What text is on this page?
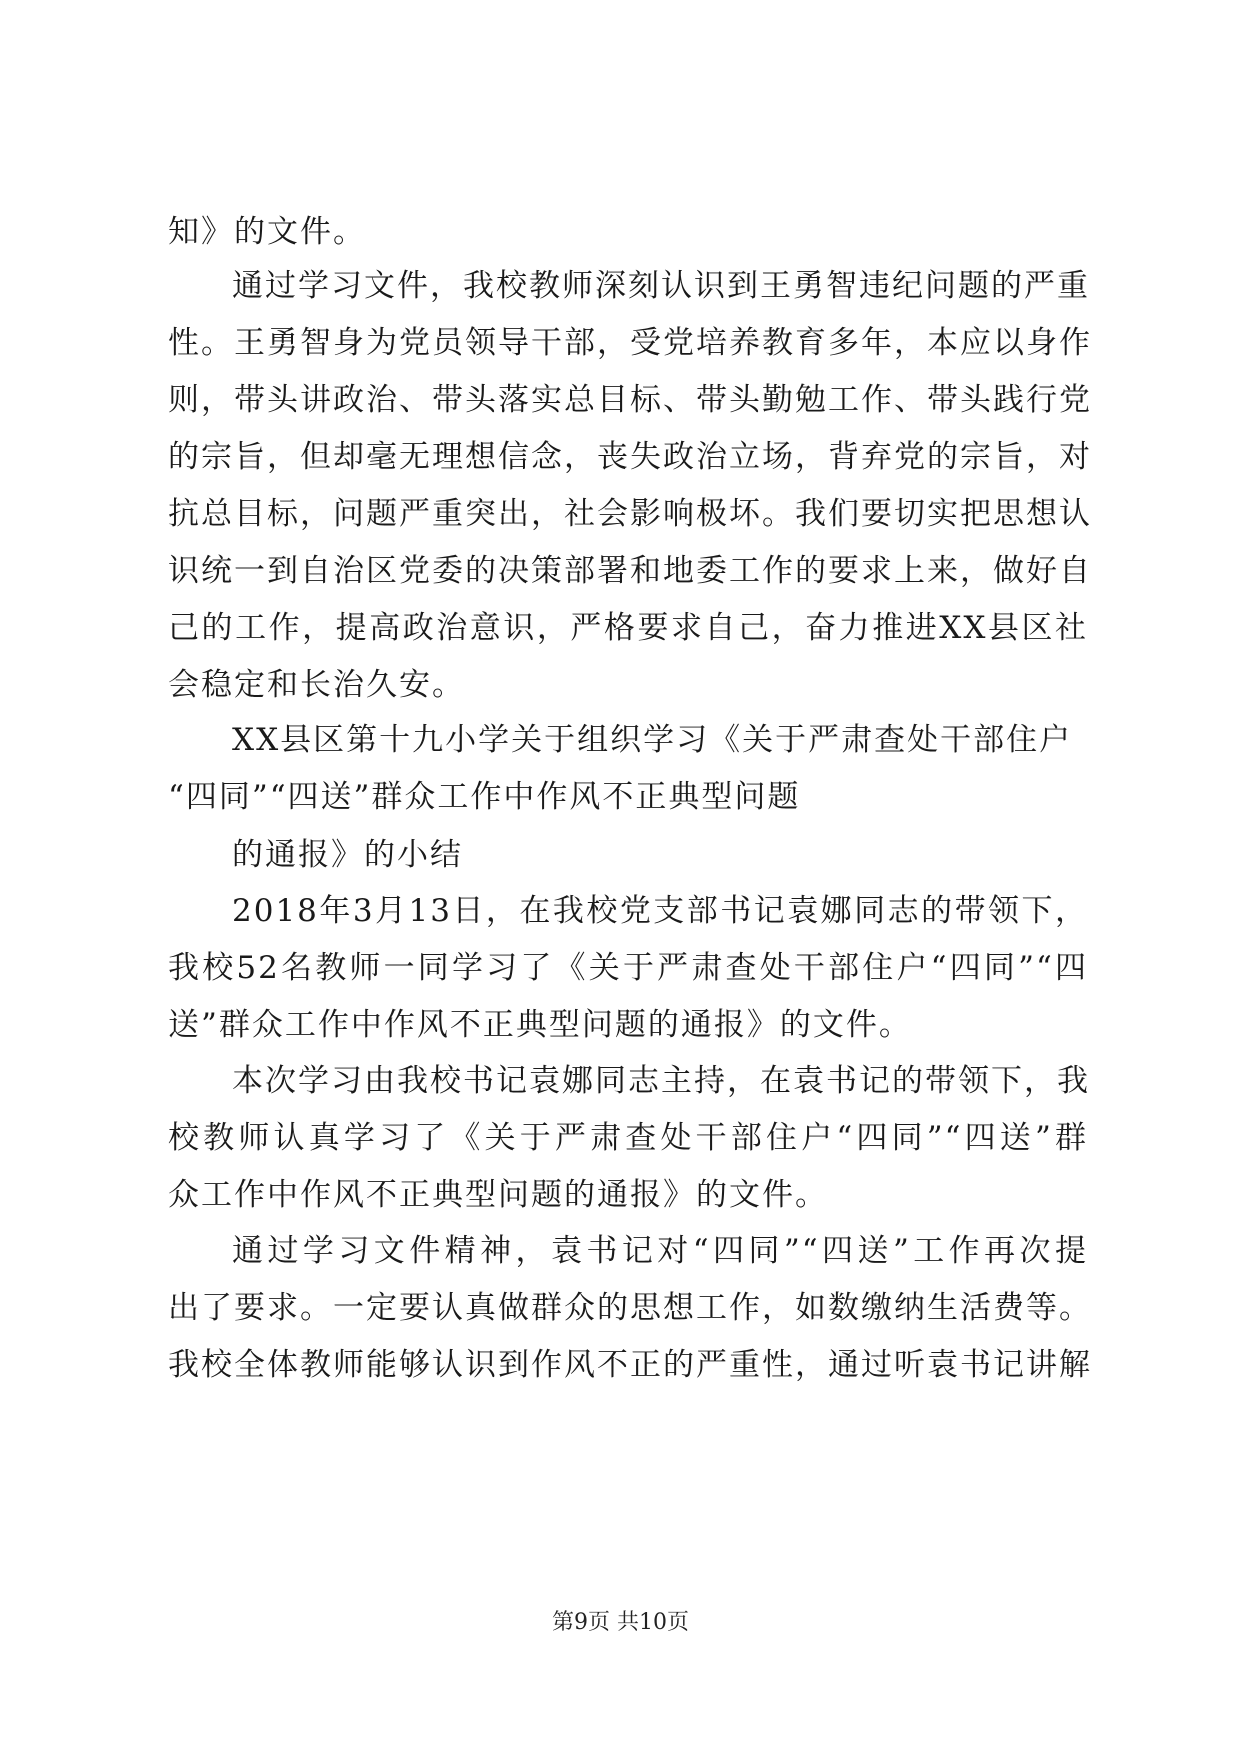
知》的文件。
通过学习文件，我校教师深刻认识到王勇智违纪问题的严重
性。王勇智身为党员领导干部，受党培养教育多年，本应以身作
则，带头讲政治、带头落实总目标、带头勤勉工作、带头践行党
的宗旨，但却毫无理想信念，丧失政治立场，背弃党的宗旨，对
抗总目标，问题严重突出，社会影响极坏。我们要切实把思想认
识统一到自治区党委的决策部署和地委工作的要求上来，做好自
己的工作，提高政治意识，严格要求自己，奋力推进XX县区社
会稳定和长治久安。
XX县区第十九小学关于组织学习《关于严肃查处干部住户
“四同”“四送”群众工作中作风不正典型问题
的通报》的小结
2018年3月13日，在我校党支部书记袁娜同志的带领下，
我校52名教师一同学习了《关于严肃查处干部住户“四同”“四
送”群众工作中作风不正典型问题的通报》的文件。
本次学习由我校书记袁娜同志主持，在袁书记的带领下，我
校教师认真学习了《关于严肃查处干部住户“四同”“四送”群
众工作中作风不正典型问题的通报》的文件。
通过学习文件精神，袁书记对“四同”“四送”工作再次提
出了要求。一定要认真做群众的思想工作，如数缴纳生活费等。
我校全体教师能够认识到作风不正的严重性，通过听袁书记讲解
第9页 共10页
